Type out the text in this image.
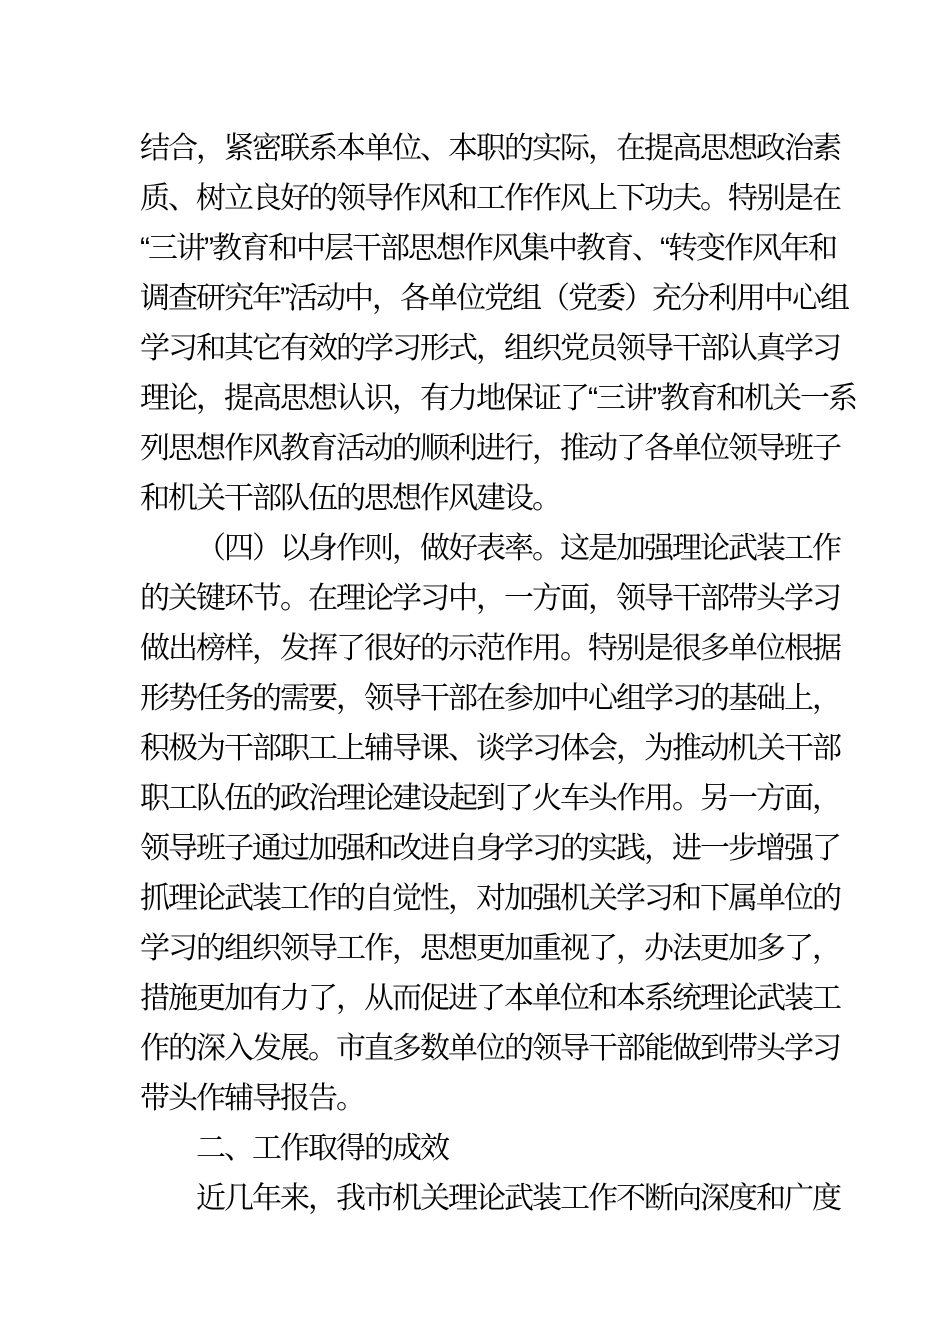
结合，紧密联系本单位、本职的实际，在提高思想政治素
质、树立良好的领导作风和工作作风上下功夫。特别是在
“三讲”教育和中层干部思想作风集中教育、“转变作风年和
调查研究年”活动中，各单位党组（党委）充分利用中心组
学习和其它有效的学习形式，组织党员领导干部认真学习
理论，提高思想认识，有力地保证了“三讲”教育和机关一系
列思想作风教育活动的顺利进行，推动了各单位领导班子
和机关干部队伍的思想作风建设。
（四）以身作则，做好表率。这是加强理论武装工作
的关键环节。在理论学习中，一方面，领导干部带头学习
做出榜样，发挥了很好的示范作用。特别是很多单位根据
形势任务的需要，领导干部在参加中心组学习的基础上，
积极为干部职工上辅导课、谈学习体会，为推动机关干部
职工队伍的政治理论建设起到了火车头作用。另一方面，
领导班子通过加强和改进自身学习的实践，进一步增强了
抓理论武装工作的自觉性，对加强机关学习和下属单位的
学习的组织领导工作，思想更加重视了，办法更加多了，
措施更加有力了，从而促进了本单位和本系统理论武装工
作的深入发展。市直多数单位的领导干部能做到带头学习
带头作辅导报告。
二、工作取得的成效
近几年来，我市机关理论武装工作不断向深度和广度
